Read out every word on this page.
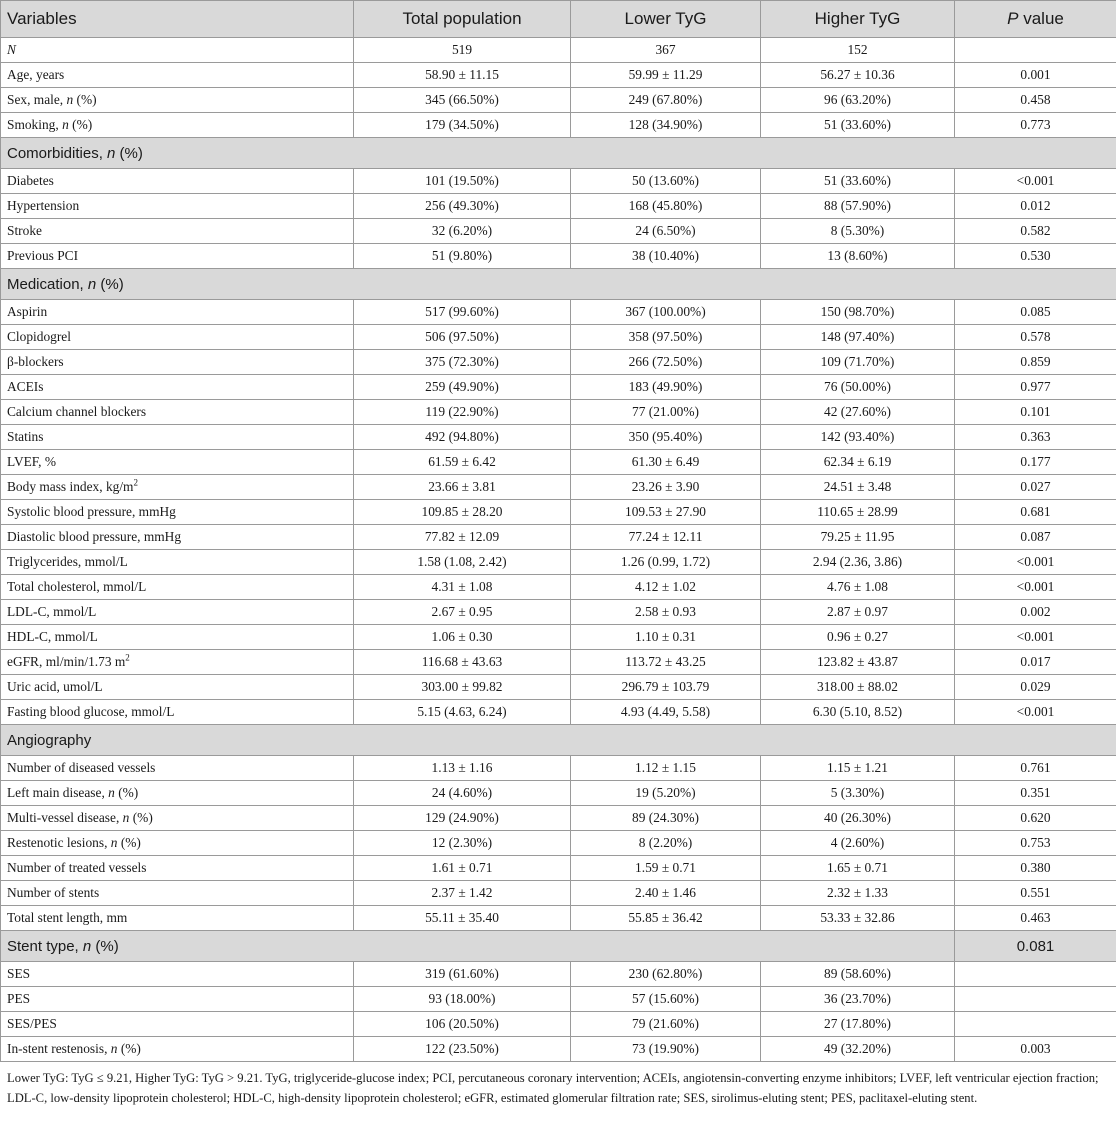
Variables	Total population	Lower TyG	Higher TyG	P value
N	519	367	152	
Age, years	58.90 ± 11.15	59.99 ± 11.29	56.27 ± 10.36	0.001
Sex, male, n (%)	345 (66.50%)	249 (67.80%)	96 (63.20%)	0.458
Smoking, n (%)	179 (34.50%)	128 (34.90%)	51 (33.60%)	0.773
Comorbidities, n (%)				
Diabetes	101 (19.50%)	50 (13.60%)	51 (33.60%)	<0.001
Hypertension	256 (49.30%)	168 (45.80%)	88 (57.90%)	0.012
Stroke	32 (6.20%)	24 (6.50%)	8 (5.30%)	0.582
Previous PCI	51 (9.80%)	38 (10.40%)	13 (8.60%)	0.530
Medication, n (%)				
Aspirin	517 (99.60%)	367 (100.00%)	150 (98.70%)	0.085
Clopidogrel	506 (97.50%)	358 (97.50%)	148 (97.40%)	0.578
β-blockers	375 (72.30%)	266 (72.50%)	109 (71.70%)	0.859
ACEIs	259 (49.90%)	183 (49.90%)	76 (50.00%)	0.977
Calcium channel blockers	119 (22.90%)	77 (21.00%)	42 (27.60%)	0.101
Statins	492 (94.80%)	350 (95.40%)	142 (93.40%)	0.363
LVEF, %	61.59 ± 6.42	61.30 ± 6.49	62.34 ± 6.19	0.177
Body mass index, $kg/m^2$	23.66 ± 3.81	23.26 ± 3.90	24.51 ± 3.48	0.027
Systolic blood pressure, mmHg	109.85 ± 28.20	109.53 ± 27.90	110.65 ± 28.99	0.681
Diastolic blood pressure, mmHg	77.82 ± 12.09	77.24 ± 12.11	79.25 ± 11.95	0.087
Triglycerides, mmol/L	1.58 (1.08, 2.42)	1.26 (0.99, 1.72)	2.94 (2.36, 3.86)	<0.001
Total cholesterol, mmol/L	4.31 ± 1.08	4.12 ± 1.02	4.76 ± 1.08	<0.001
LDL-C, mmol/L	2.67 ± 0.95	2.58 ± 0.93	2.87 ± 0.97	0.002
HDL-C, mmol/L	1.06 ± 0.30	1.10 ± 0.31	0.96 ± 0.27	<0.001
eGFR, ml/min/1.73 $m^2$	116.68 ± 43.63	113.72 ± 43.25	123.82 ± 43.87	0.017
Uric acid, umol/L	303.00 ± 99.82	296.79 ± 103.79	318.00 ± 88.02	0.029
Fasting blood glucose, mmol/L	5.15 (4.63, 6.24)	4.93 (4.49, 5.58)	6.30 (5.10, 8.52)	<0.001
Angiography				
Number of diseased vessels	1.13 ± 1.16	1.12 ± 1.15	1.15 ± 1.21	0.761
Left main disease, n (%)	24 (4.60%)	19 (5.20%)	5 (3.30%)	0.351
Multi-vessel disease, n (%)	129 (24.90%)	89 (24.30%)	40 (26.30%)	0.620
Restenotic lesions, n (%)	12 (2.30%)	8 (2.20%)	4 (2.60%)	0.753
Number of treated vessels	1.61 ± 0.71	1.59 ± 0.71	1.65 ± 0.71	0.380
Number of stents	2.37 ± 1.42	2.40 ± 1.46	2.32 ± 1.33	0.551
Total stent length, mm	55.11 ± 35.40	55.85 ± 36.42	53.33 ± 32.86	0.463
Stent type, n (%)				0.081
SES	319 (61.60%)	230 (62.80%)	89 (58.60%)	
PES	93 (18.00%)	57 (15.60%)	36 (23.70%)	
SES/PES	106 (20.50%)	79 (21.60%)	27 (17.80%)	
In-stent restenosis, n (%)	122 (23.50%)	73 (19.90%)	49 (32.20%)	0.003
Lower TyG: TyG ≤ 9.21, Higher TyG: TyG > 9.21. TyG, triglyceride-glucose index; PCI, percutaneous coronary intervention; ACEIs, angiotensin-converting enzyme inhibitors; LVEF, left ventricular ejection fraction; LDL-C, low-density lipoprotein cholesterol; HDL-C, high-density lipoprotein cholesterol; eGFR, estimated glomerular filtration rate; SES, sirolimus-eluting stent; PES, paclitaxel-eluting stent.
